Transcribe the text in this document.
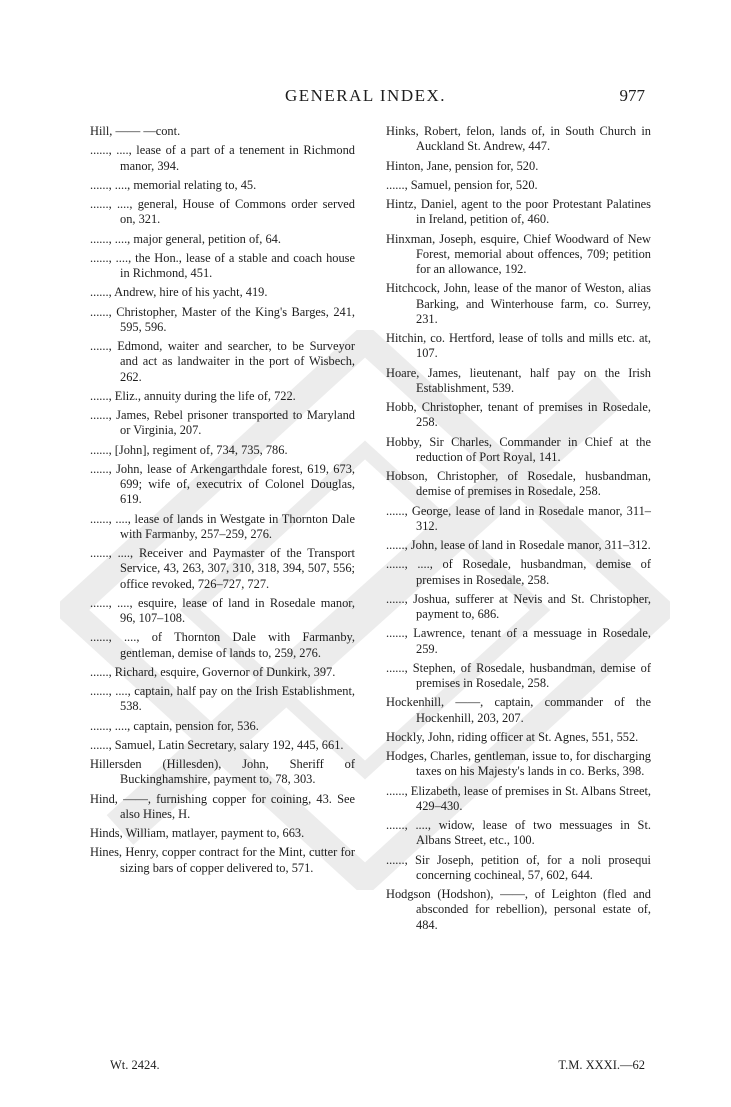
GENERAL INDEX.	977

Hill, —— —cont.

......, ...., lease of a part of a tenement in Richmond manor, 394.

......, ...., memorial relating to, 45.

......, ...., general, House of Commons order served on, 321.

......, ...., major general, petition of, 64.

......, ...., the Hon., lease of a stable and coach house in Richmond, 451.

......, Andrew, hire of his yacht, 419.

......, Christopher, Master of the King's Barges, 241, 595, 596.

......, Edmond, waiter and searcher, to be Surveyor and act as landwaiter in the port of Wisbech, 262.

......, Eliz., annuity during the life of, 722.

......, James, Rebel prisoner transported to Maryland or Virginia, 207.

......, [John], regiment of, 734, 735, 786.

......, John, lease of Arkengarthdale forest, 619, 673, 699; wife of, executrix of Colonel Douglas, 619.

......, ...., lease of lands in Westgate in Thornton Dale with Farmanby, 257–259, 276.

......, ...., Receiver and Paymaster of the Transport Service, 43, 263, 307, 310, 318, 394, 507, 556; office revoked, 726–727, 727.

......, ...., esquire, lease of land in Rosedale manor, 96, 107–108.

......, ...., of Thornton Dale with Farmanby, gentleman, demise of lands to, 259, 276.

......, Richard, esquire, Governor of Dunkirk, 397.

......, ...., captain, half pay on the Irish Establishment, 538.

......, ...., captain, pension for, 536.

......, Samuel, Latin Secretary, salary 192, 445, 661.

Hillersden (Hillesden), John, Sheriff of Buckinghamshire, payment to, 78, 303.

Hind, ——, furnishing copper for coining, 43. See also Hines, H.

Hinds, William, matlayer, payment to, 663.

Hines, Henry, copper contract for the Mint, cutter for sizing bars of copper delivered to, 571.

Hinks, Robert, felon, lands of, in South Church in Auckland St. Andrew, 447.

Hinton, Jane, pension for, 520.

......, Samuel, pension for, 520.

Hintz, Daniel, agent to the poor Protestant Palatines in Ireland, petition of, 460.

Hinxman, Joseph, esquire, Chief Woodward of New Forest, memorial about offences, 709; petition for an allowance, 192.

Hitchcock, John, lease of the manor of Weston, alias Barking, and Winterhouse farm, co. Surrey, 231.

Hitchin, co. Hertford, lease of tolls and mills etc. at, 107.

Hoare, James, lieutenant, half pay on the Irish Establishment, 539.

Hobb, Christopher, tenant of premises in Rosedale, 258.

Hobby, Sir Charles, Commander in Chief at the reduction of Port Royal, 141.

Hobson, Christopher, of Rosedale, husbandman, demise of premises in Rosedale, 258.

......, George, lease of land in Rosedale manor, 311–312.

......, John, lease of land in Rosedale manor, 311–312.

......, ...., of Rosedale, husbandman, demise of premises in Rosedale, 258.

......, Joshua, sufferer at Nevis and St. Christopher, payment to, 686.

......, Lawrence, tenant of a messuage in Rosedale, 259.

......, Stephen, of Rosedale, husbandman, demise of premises in Rosedale, 258.

Hockenhill, ——, captain, commander of the Hockenhill, 203, 207.

Hockly, John, riding officer at St. Agnes, 551, 552.

Hodges, Charles, gentleman, issue to, for discharging taxes on his Majesty's lands in co. Berks, 398.

......, Elizabeth, lease of premises in St. Albans Street, 429–430.

......, ...., widow, lease of two messuages in St. Albans Street, etc., 100.

......, Sir Joseph, petition of, for a noli prosequi concerning cochineal, 57, 602, 644.

Hodgson (Hodshon), ——, of Leighton (fled and absconded for rebellion), personal estate of, 484.

Wt. 2424.	T.M. XXXI.—62
